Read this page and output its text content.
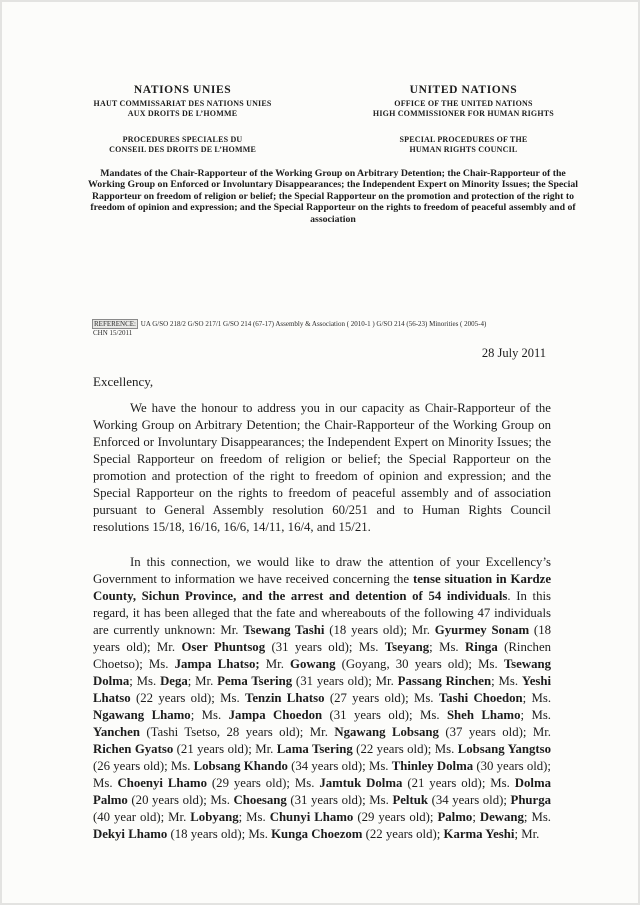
NATIONS UNIES
HAUT COMMISSARIAT DES NATIONS UNIES
AUX DROITS DE L’HOMME
PROCEDURES SPECIALES DU
CONSEIL DES DROITS DE L’HOMME
UNITED NATIONS
OFFICE OF THE UNITED NATIONS
HIGH COMMISSIONER FOR HUMAN RIGHTS
SPECIAL PROCEDURES OF THE
HUMAN RIGHTS COUNCIL
Mandates of the Chair-Rapporteur of the Working Group on Arbitrary Detention; the Chair-Rapporteur of the Working Group on Enforced or Involuntary Disappearances; the Independent Expert on Minority Issues; the Special Rapporteur on freedom of religion or belief; the Special Rapporteur on the promotion and protection of the right to freedom of opinion and expression; and the Special Rapporteur on the rights to freedom of peaceful assembly and of association
REFERENCE: UA G/SO 218/2 G/SO 217/1 G/SO 214 (67-17) Assembly & Association ( 2010-1 ) G/SO 214 (56-23) Minorities ( 2005-4)
CHN 15/2011
28 July 2011
Excellency,

We have the honour to address you in our capacity as Chair-Rapporteur of the Working Group on Arbitrary Detention; the Chair-Rapporteur of the Working Group on Enforced or Involuntary Disappearances; the Independent Expert on Minority Issues; the Special Rapporteur on freedom of religion or belief; the Special Rapporteur on the promotion and protection of the right to freedom of opinion and expression; and the Special Rapporteur on the rights to freedom of peaceful assembly and of association pursuant to General Assembly resolution 60/251 and to Human Rights Council resolutions 15/18, 16/16, 16/6, 14/11, 16/4, and 15/21.

In this connection, we would like to draw the attention of your Excellency’s Government to information we have received concerning the tense situation in Kardze County, Sichun Province, and the arrest and detention of 54 individuals. In this regard, it has been alleged that the fate and whereabouts of the following 47 individuals are currently unknown: Mr. Tsewang Tashi (18 years old); Mr. Gyurmey Sonam (18 years old); Mr. Oser Phuntsog (31 years old); Ms. Tseyang; Ms. Ringa (Rinchen Choetso); Ms. Jampa Lhatso; Mr. Gowang (Goyang, 30 years old); Ms. Tsewang Dolma; Ms. Dega; Mr. Pema Tsering (31 years old); Mr. Passang Rinchen; Ms. Yeshi Lhatso (22 years old); Ms. Tenzin Lhatso (27 years old); Ms. Tashi Choedon; Ms. Ngawang Lhamo; Ms. Jampa Choedon (31 years old); Ms. Sheh Lhamo; Ms. Yanchen (Tashi Tsetso, 28 years old); Mr. Ngawang Lobsang (37 years old); Mr. Richen Gyatso (21 years old); Mr. Lama Tsering (22 years old); Ms. Lobsang Yangtso (26 years old); Ms. Lobsang Khando (34 years old); Ms. Thinley Dolma (30 years old); Ms. Choenyi Lhamo (29 years old); Ms. Jamtuk Dolma (21 years old); Ms. Dolma Palmo (20 years old); Ms. Choesang (31 years old); Ms. Peltuk (34 years old); Phurga (40 year old); Mr. Lobyang; Ms. Chunyi Lhamo (29 years old); Palmo; Dewang; Ms. Dekyi Lhamo (18 years old); Ms. Kunga Choezom (22 years old); Karma Yeshi; Mr.
